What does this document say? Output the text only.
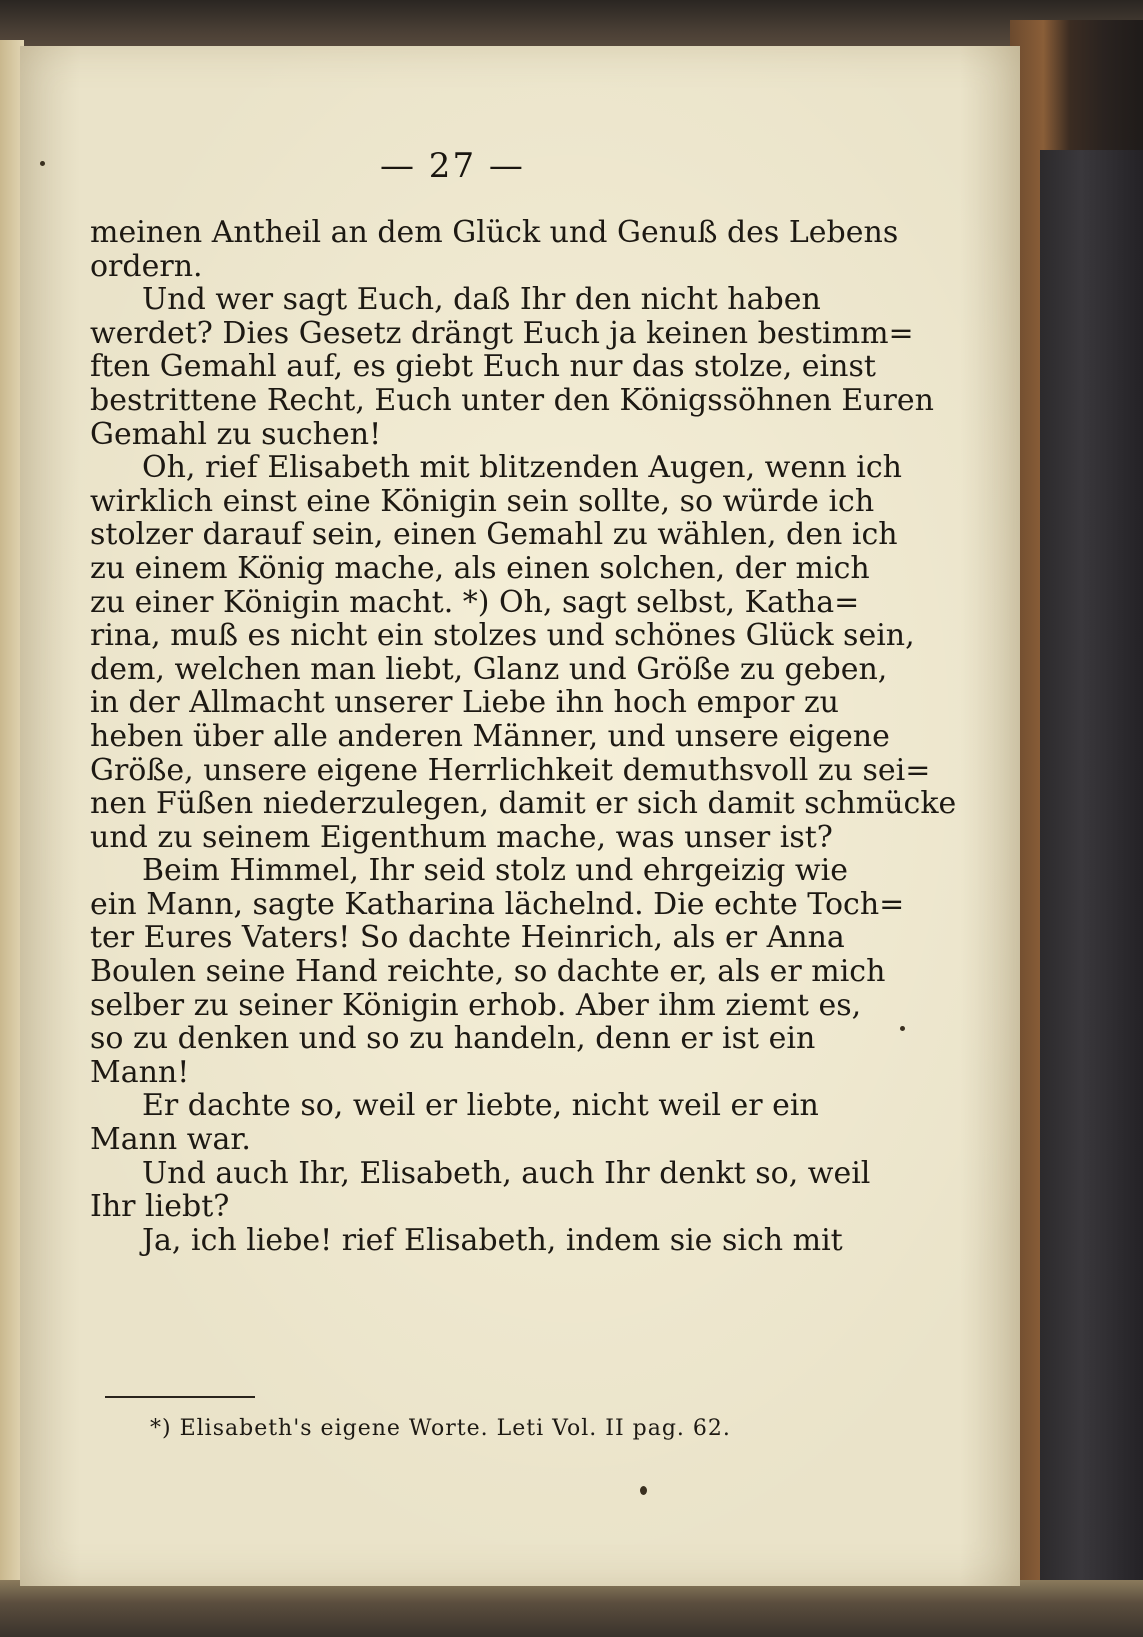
— 27 —
meinen Antheil an dem Glück und Genuß des Lebens
ordern.
Und wer sagt Euch, daß Ihr den nicht haben
werdet? Dies Gesetz drängt Euch ja keinen bestimm=
ften Gemahl auf, es giebt Euch nur das stolze, einst
bestrittene Recht, Euch unter den Königssöhnen Euren
Gemahl zu suchen!
Oh, rief Elisabeth mit blitzenden Augen, wenn ich
wirklich einst eine Königin sein sollte, so würde ich
stolzer darauf sein, einen Gemahl zu wählen, den ich
zu einem König mache, als einen solchen, der mich
zu einer Königin macht. *) Oh, sagt selbst, Katha=
rina, muß es nicht ein stolzes und schönes Glück sein,
dem, welchen man liebt, Glanz und Größe zu geben,
in der Allmacht unserer Liebe ihn hoch empor zu
heben über alle anderen Männer, und unsere eigene
Größe, unsere eigene Herrlichkeit demuthsvoll zu sei=
nen Füßen niederzulegen, damit er sich damit schmücke
und zu seinem Eigenthum mache, was unser ist?
Beim Himmel, Ihr seid stolz und ehrgeizig wie
ein Mann, sagte Katharina lächelnd. Die echte Toch=
ter Eures Vaters! So dachte Heinrich, als er Anna
Boulen seine Hand reichte, so dachte er, als er mich
selber zu seiner Königin erhob. Aber ihm ziemt es,
so zu denken und so zu handeln, denn er ist ein
Mann!
Er dachte so, weil er liebte, nicht weil er ein
Mann war.
Und auch Ihr, Elisabeth, auch Ihr denkt so, weil
Ihr liebt?
Ja, ich liebe! rief Elisabeth, indem sie sich mit
*) Elisabeth's eigene Worte. Leti Vol. II pag. 62.
